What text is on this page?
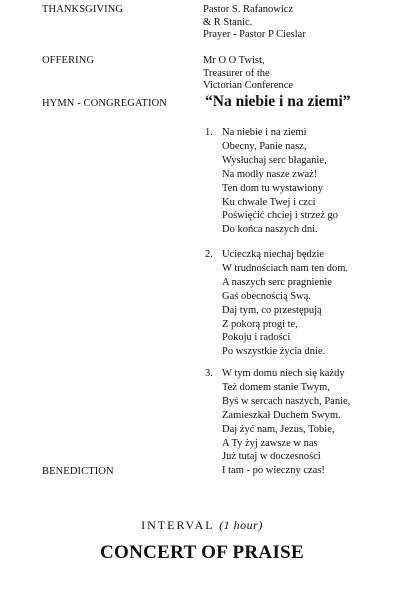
THANKSGIVING	Pastor S. Rafanowicz
& R Stanic.
Prayer - Pastor P Cieslar
OFFERING	Mr O O Twist,
Treasurer of the
Victorian Conference
HYMN - CONGREGATION “Na niebie i na ziemi”
1. Na niebie i na ziemi
Obecny, Panie nasz,
Wysłuchaj serc błaganie,
Na modły nasze zważ!
Ten dom tu wystawiony
Ku chwale Twej i czci
Poświęćić chciej i strzeż go
Do końca naszych dni.
2. Ucieczką niechaj będzie
W trudnościach nam ten dom.
A naszych serc pragnienie
Gaś obecnością Swą.
Daj tym, co przestępują
Z pokorą progi te,
Pokoju i radości
Po wszystkie życia dnie.
3. W tym domu niech się każdy
Też domem stanie Twym,
Byś w sercach naszych, Panie,
Zamieszkał Duchem Swym.
Daj żyć nam, Jezus, Tobie,
A Ty żyj zawsze w nas
Już tutaj w doczesności
I tam - po wieczny czas!
BENEDICTION
INTERVAL (1 hour)
CONCERT OF PRAISE
